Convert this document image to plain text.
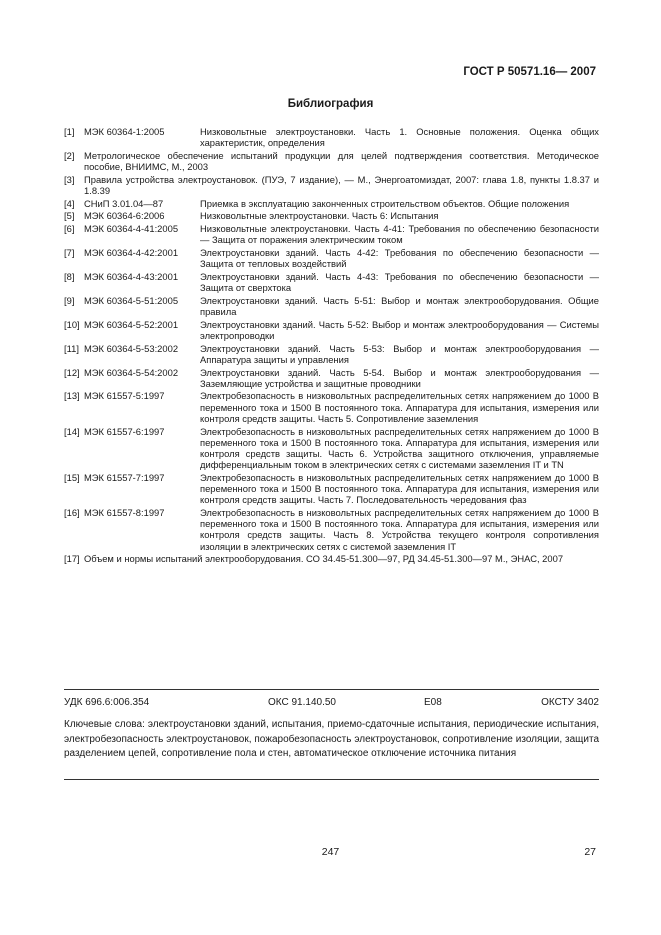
ГОСТ Р 50571.16— 2007
Библиография
[1]	МЭК 60364-1:2005	Низковольтные электроустановки. Часть 1. Основные положения. Оценка общих характеристик, определения
[2]	Метрологическое обеспечение испытаний продукции для целей подтверждения соответствия. Методическое пособие, ВНИИМС, М., 2003
[3]	Правила устройства электроустановок. (ПУЭ, 7 издание), — М., Энергоатомиздат, 2007: глава 1.8, пункты 1.8.37 и 1.8.39
[4]	СНиП 3.01.04—87	Приемка в эксплуатацию законченных строительством объектов. Общие положения
[5]	МЭК 60364-6:2006	Низковольтные электроустановки. Часть 6: Испытания
[6]	МЭК 60364-4-41:2005	Низковольтные электроустановки. Часть 4-41: Требования по обеспечению безопасности — Защита от поражения электрическим током
[7]	МЭК 60364-4-42:2001	Электроустановки зданий. Часть 4-42: Требования по обеспечению безопасности — Защита от тепловых воздействий
[8]	МЭК 60364-4-43:2001	Электроустановки зданий. Часть 4-43: Требования по обеспечению безопасности — Защита от сверхтока
[9]	МЭК 60364-5-51:2005	Электроустановки зданий. Часть 5-51: Выбор и монтаж электрооборудования. Общие правила
[10] МЭК 60364-5-52:2001	Электроустановки зданий. Часть 5-52: Выбор и монтаж электрооборудования — Системы электропроводки
[11] МЭК 60364-5-53:2002	Электроустановки зданий. Часть 5-53: Выбор и монтаж электрооборудования — Аппаратура защиты и управления
[12] МЭК 60364-5-54:2002	Электроустановки зданий. Часть 5-54. Выбор и монтаж электрооборудования — Заземляющие устройства и защитные проводники
[13] МЭК 61557-5:1997	Электробезопасность в низковольтных распределительных сетях напряжением до 1000 В переменного тока и 1500 В постоянного тока. Аппаратура для испытания, измерения или контроля средств защиты. Часть 5. Сопротивление заземления
[14] МЭК 61557-6:1997	Электробезопасность в низковольтных распределительных сетях напряжением до 1000 В переменного тока и 1500 В постоянного тока. Аппаратура для испытания, измерения или контроля средств защиты. Часть 6. Устройства защитного отключения, управляемые дифференциальным током в электрических сетях с системами заземления IT и TN
[15] МЭК 61557-7:1997	Электробезопасность в низковольтных распределительных сетях напряжением до 1000 В переменного тока и 1500 В постоянного тока. Аппаратура для испытания, измерения или контроля средств защиты. Часть 7. Последовательность чередования фаз
[16] МЭК 61557-8:1997	Электробезопасность в низковольтных распределительных сетях напряжением до 1000 В переменного тока и 1500 В постоянного тока. Аппаратура для испытания, измерения или контроля средств защиты. Часть 8. Устройства текущего контроля сопротивления изоляции в электрических сетях с системой заземления IT
[17] Объем и нормы испытаний электрооборудования. СО 34.45-51.300—97, РД 34.45-51.300—97 М., ЭНАС, 2007
УДК 696.6:006.354	ОКС 91.140.50	Е08	ОКСТУ 3402
Ключевые слова: электроустановки зданий, испытания, приемо-сдаточные испытания, периодические испытания, электробезопасность электроустановок, пожаробезопасность электроустановок, сопротивление изоляции, защита разделением цепей, сопротивление пола и стен, автоматическое отключение источника питания
247	27
